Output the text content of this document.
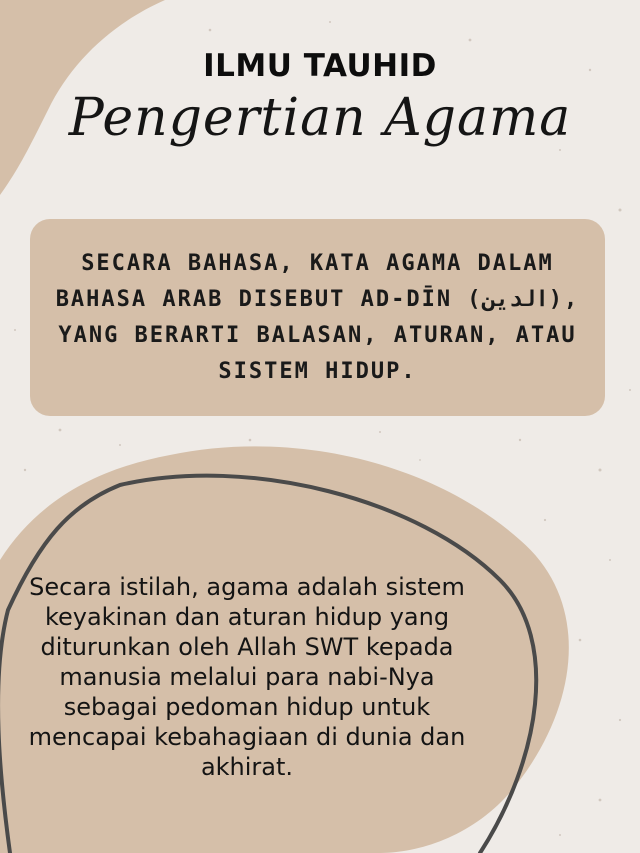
ILMU TAUHID
Pengertian Agama
SECARA BAHASA, KATA AGAMA DALAM BAHASA ARAB DISEBUT AD-DĪN (الدين), YANG BERARTI BALASAN, ATURAN, ATAU SISTEM HIDUP.
Secara istilah, agama adalah sistem keyakinan dan aturan hidup yang diturunkan oleh Allah SWT kepada manusia melalui para nabi-Nya sebagai pedoman hidup untuk mencapai kebahagiaan di dunia dan akhirat.
